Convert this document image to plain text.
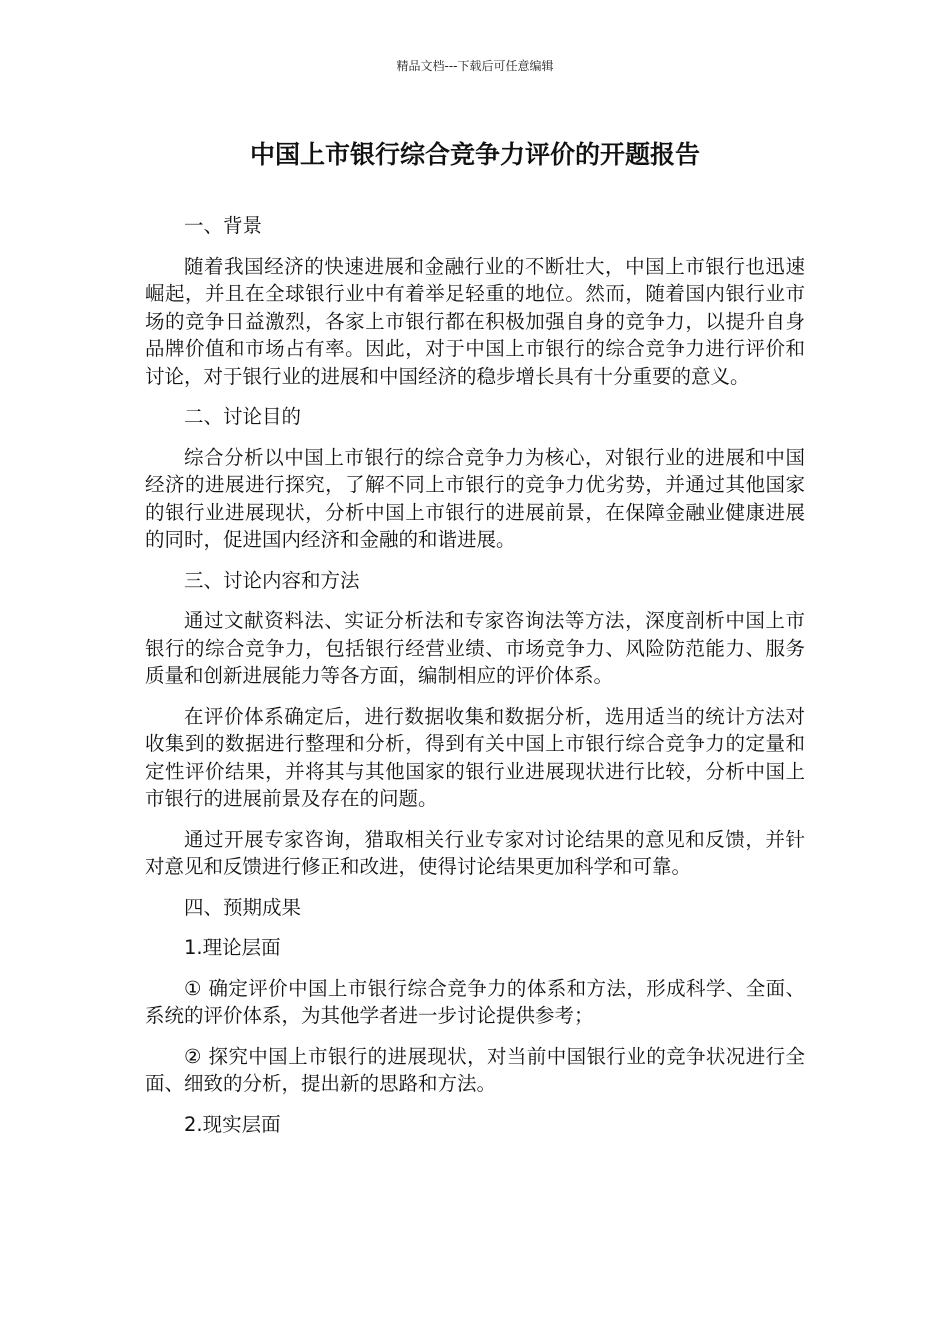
精品文档---下载后可任意编辑
中国上市银行综合竞争力评价的开题报告
一、背景
随着我国经济的快速进展和金融行业的不断壮大，中国上市银行也迅速崛起，并且在全球银行业中有着举足轻重的地位。然而，随着国内银行业市场的竞争日益激烈，各家上市银行都在积极加强自身的竞争力，以提升自身品牌价值和市场占有率。因此，对于中国上市银行的综合竞争力进行评价和讨论，对于银行业的进展和中国经济的稳步增长具有十分重要的意义。
二、讨论目的
综合分析以中国上市银行的综合竞争力为核心，对银行业的进展和中国经济的进展进行探究，了解不同上市银行的竞争力优劣势，并通过其他国家的银行业进展现状，分析中国上市银行的进展前景，在保障金融业健康进展的同时，促进国内经济和金融的和谐进展。
三、讨论内容和方法
通过文献资料法、实证分析法和专家咨询法等方法，深度剖析中国上市银行的综合竞争力，包括银行经营业绩、市场竞争力、风险防范能力、服务质量和创新进展能力等各方面，编制相应的评价体系。
在评价体系确定后，进行数据收集和数据分析，选用适当的统计方法对收集到的数据进行整理和分析，得到有关中国上市银行综合竞争力的定量和定性评价结果，并将其与其他国家的银行业进展现状进行比较，分析中国上市银行的进展前景及存在的问题。
通过开展专家咨询，猎取相关行业专家对讨论结果的意见和反馈，并针对意见和反馈进行修正和改进，使得讨论结果更加科学和可靠。
四、预期成果
1.理论层面
① 确定评价中国上市银行综合竞争力的体系和方法，形成科学、全面、系统的评价体系，为其他学者进一步讨论提供参考；
② 探究中国上市银行的进展现状，对当前中国银行业的竞争状况进行全面、细致的分析，提出新的思路和方法。
2.现实层面
